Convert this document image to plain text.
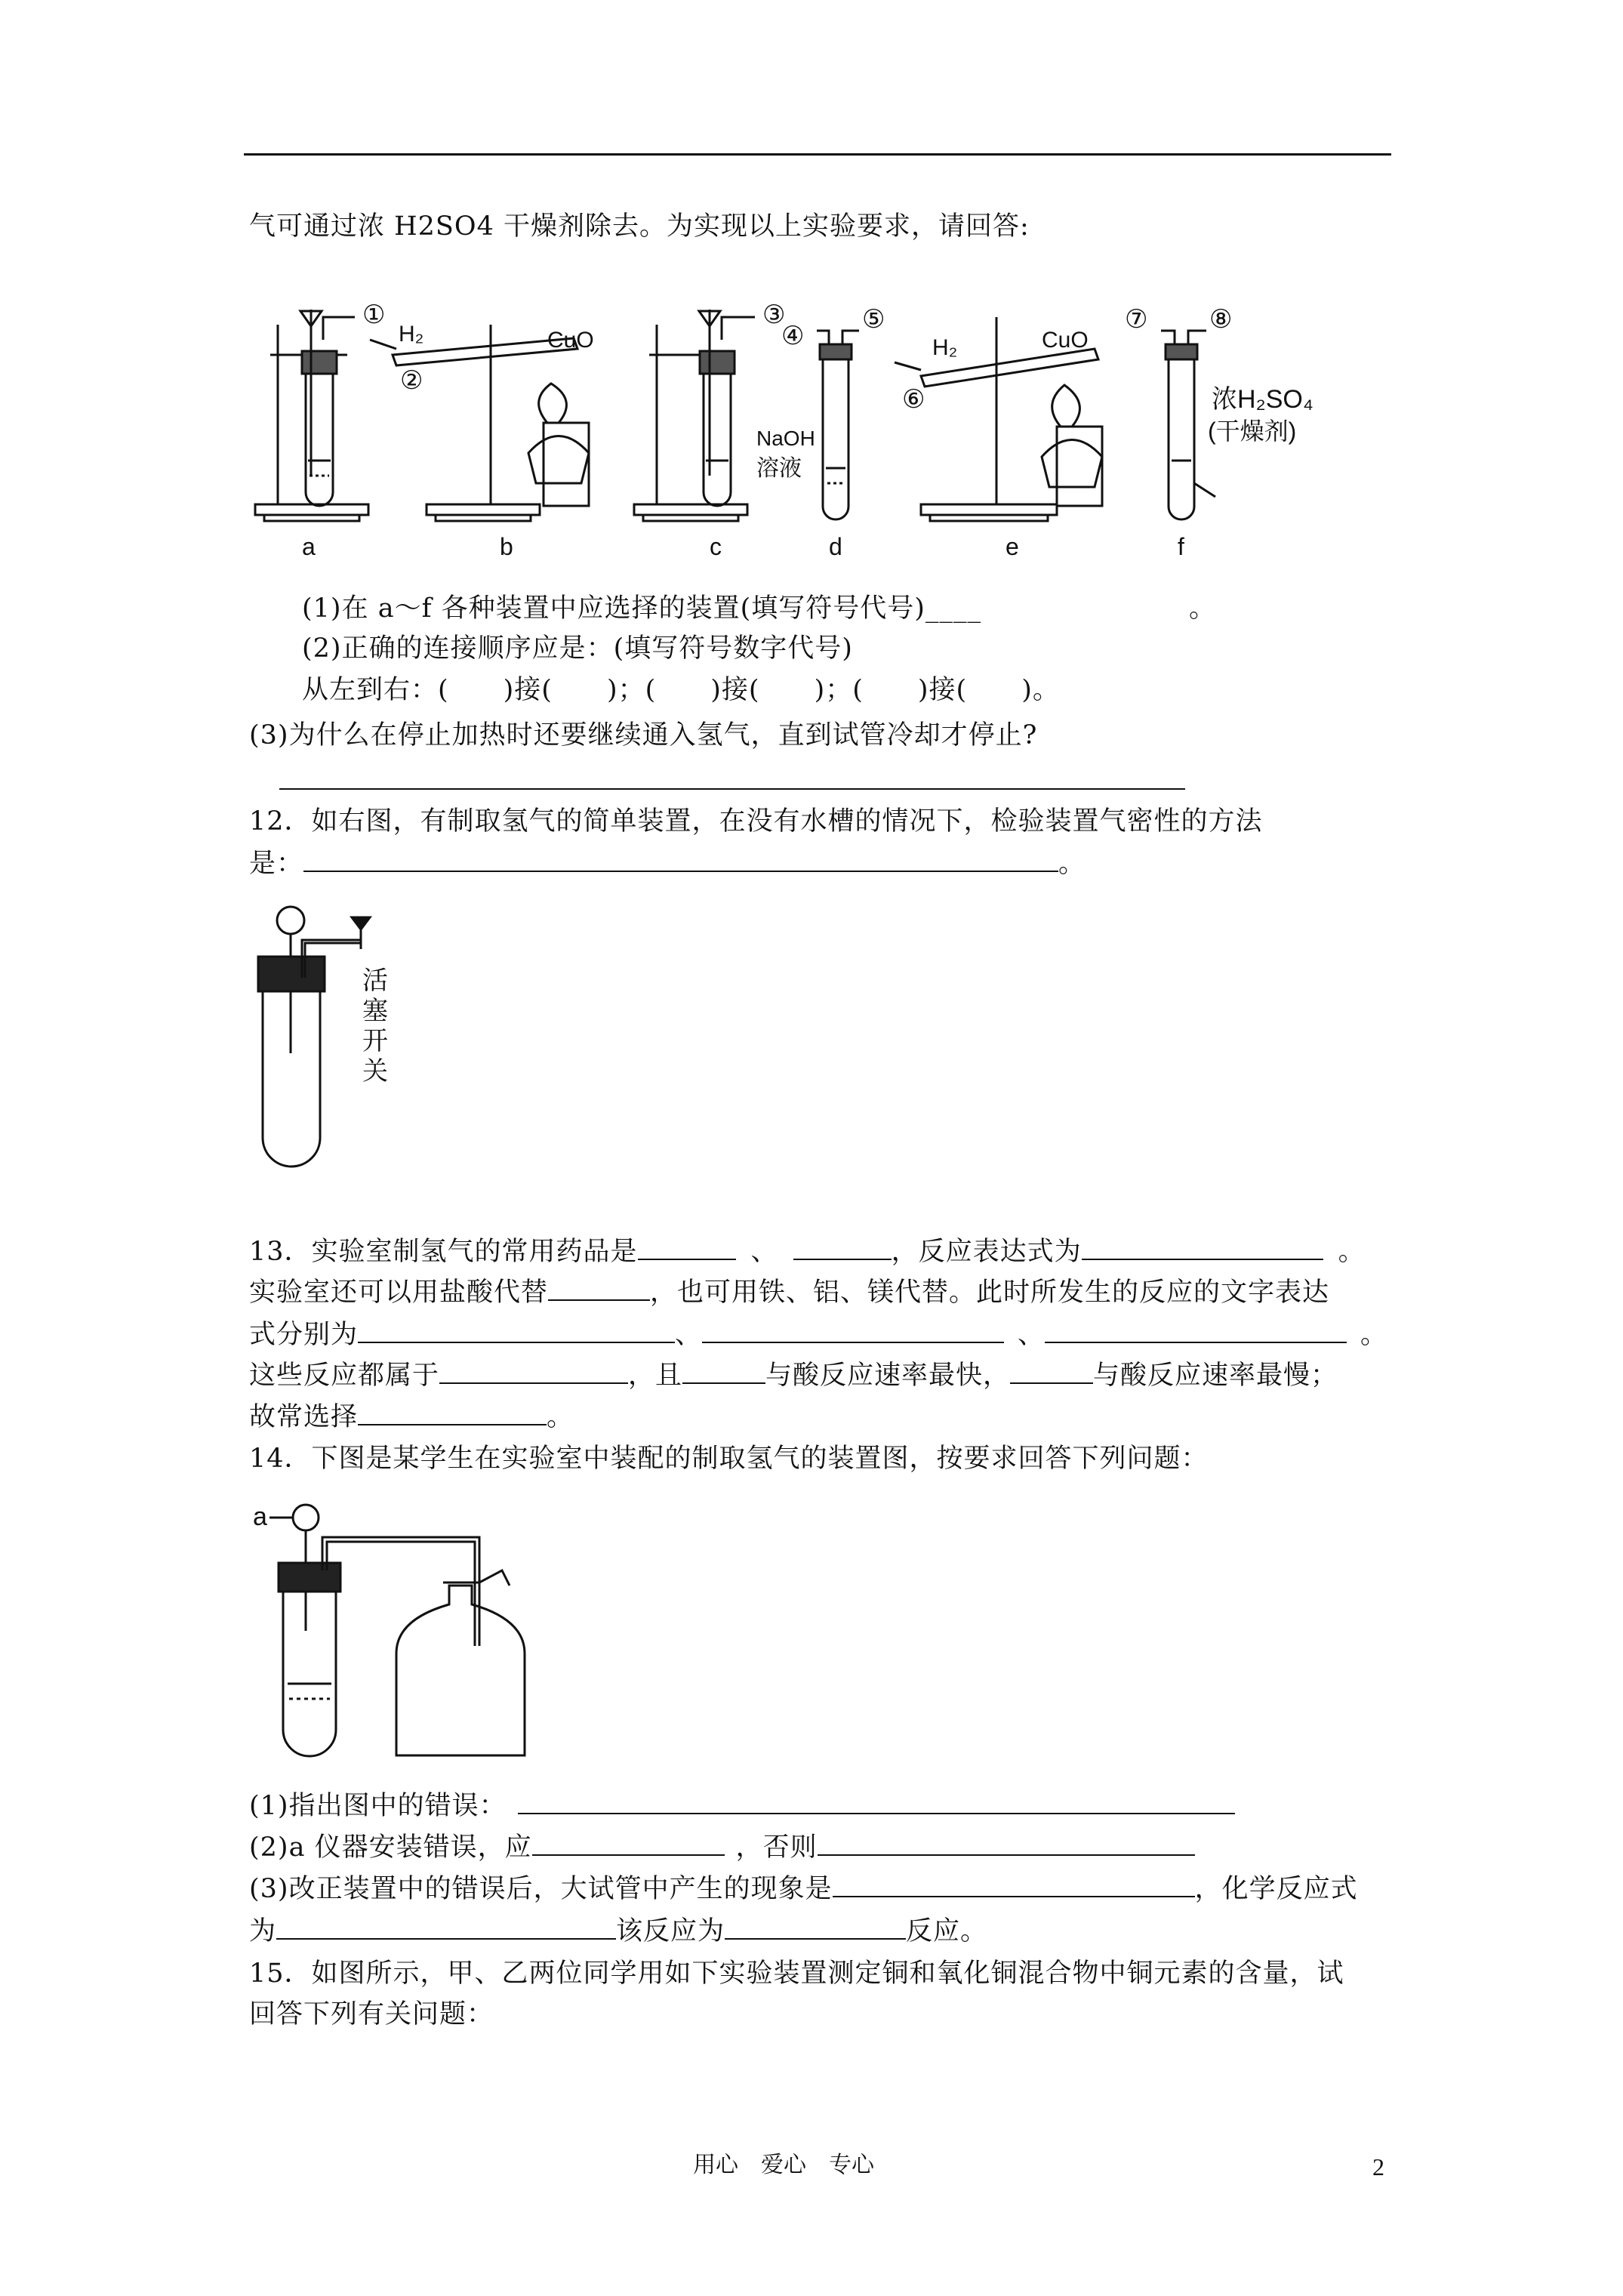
气可通过浓 H2SO4 干燥剂除去。为实现以上实验要求，请回答:
①
H₂
②
CuO
③
④
⑤
NaOH
溶液
H₂
⑥
CuO
⑦ ⑧
浓H₂SO₄
(干燥剂)
a	b	c	d	e	f
(1)在 a～f 各种装置中应选择的装置(填写符号代号)____	。
(2)正确的连接顺序应是：(填写符号数字代号)
从左到右：(　　)接(　　)；(　　)接(　　)；(　　)接(　　)。
(3)为什么在停止加热时还要继续通入氢气，直到试管冷却才停止?
12．如右图，有制取氢气的简单装置，在没有水槽的情况下，检验装置气密性的方法
是：	。
活
塞
开
关
13．实验室制氢气的常用药品是	、	，反应表达式为	。
实验室还可以用盐酸代替	，也可用铁、铝、镁代替。此时所发生的反应的文字表达
式分别为	、	、	。
这些反应都属于	，且	与酸反应速率最快，	与酸反应速率最慢；
故常选择	。
14．下图是某学生在实验室中装配的制取氢气的装置图，按要求回答下列问题：
a
(1)指出图中的错误：
(2)a 仪器安装错误，应	，否则
(3)改正装置中的错误后，大试管中产生的现象是	，化学反应式
为	该反应为	反应。
15．如图所示，甲、乙两位同学用如下实验装置测定铜和氧化铜混合物中铜元素的含量，试
回答下列有关问题：
用心　爱心　专心	2
